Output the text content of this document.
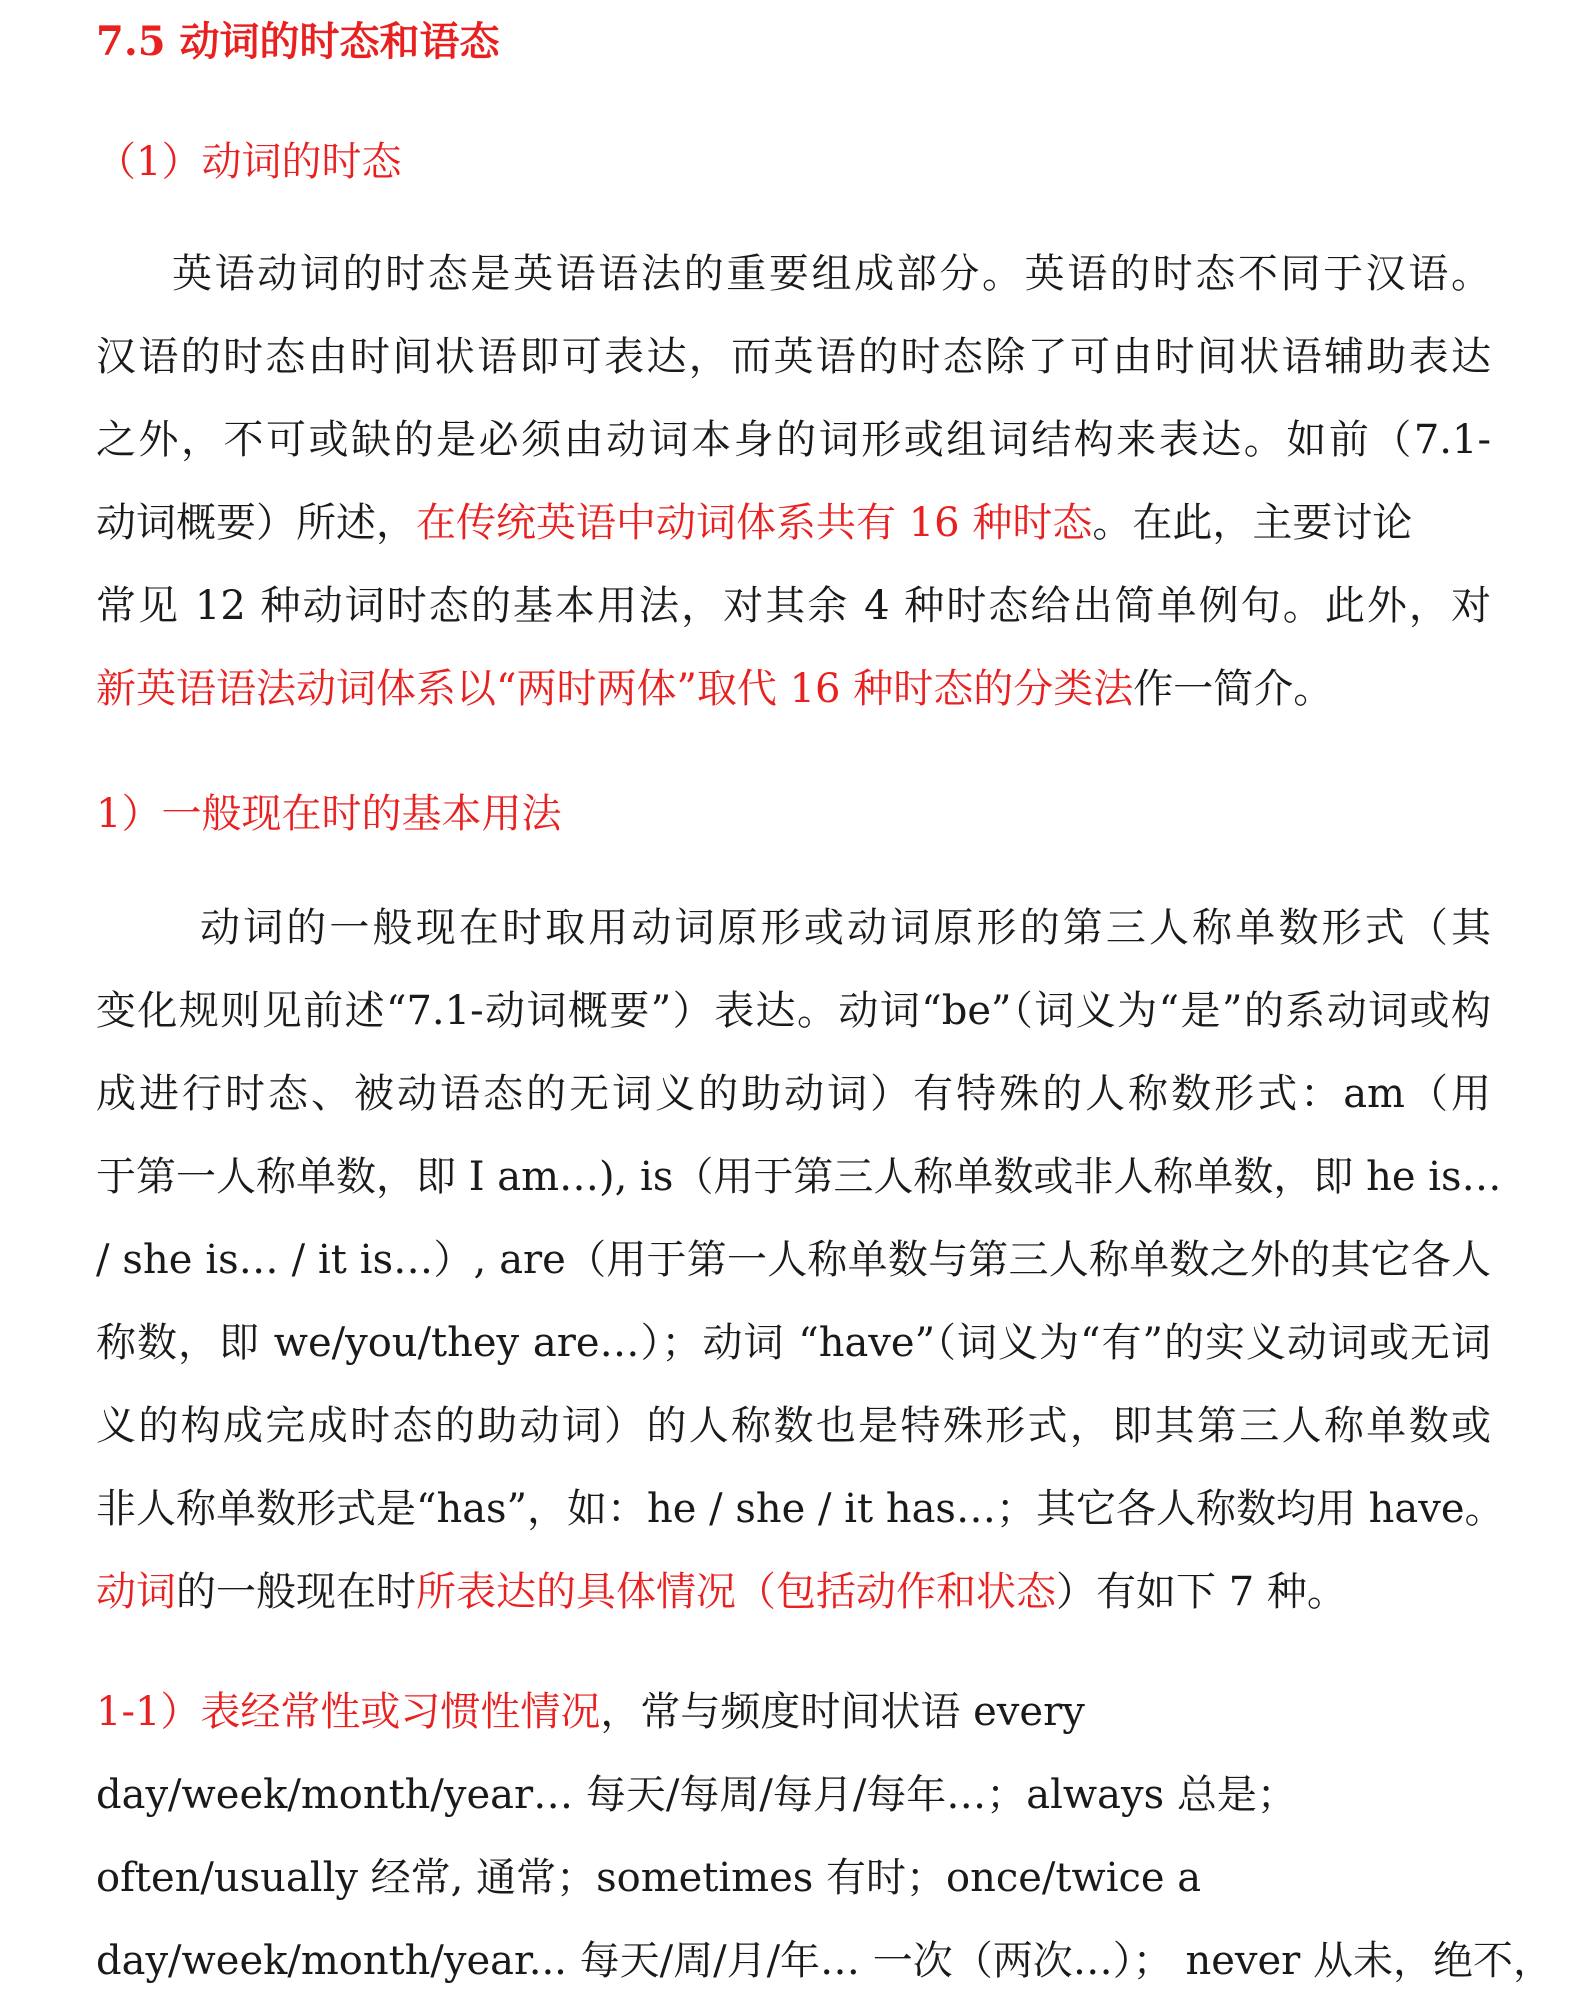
7.5 动词的时态和语态
（1）动词的时态
英语动词的时态是英语语法的重要组成部分。英语的时态不同于汉语。
汉语的时态由时间状语即可表达，而英语的时态除了可由时间状语辅助表达
之外，不可或缺的是必须由动词本身的词形或组词结构来表达。如前（7.1-
动词概要）所述，在传统英语中动词体系共有 16 种时态。在此，主要讨论
常见 12 种动词时态的基本用法，对其余 4 种时态给出简单例句。此外，对
新英语语法动词体系以“两时两体”取代 16 种时态的分类法作一简介。
1）一般现在时的基本用法
动词的一般现在时取用动词原形或动词原形的第三人称单数形式（其
变化规则见前述“7.1-动词概要”）表达。动词“be”（词义为“是”的系动词或构
成进行时态、被动语态的无词义的助动词）有特殊的人称数形式：am（用
于第一人称单数，即 I am…), is（用于第三人称单数或非人称单数，即 he is…
/ she is… / it is…）, are（用于第一人称单数与第三人称单数之外的其它各人
称数，即 we/you/they are…）；动词 “have”（词义为“有”的实义动词或无词
义的构成完成时态的助动词）的人称数也是特殊形式，即其第三人称单数或
非人称单数形式是“has”，如：he / she / it has…；其它各人称数均用 have。
动词的一般现在时所表达的具体情况（包括动作和状态）有如下 7 种。
1-1）表经常性或习惯性情况，常与频度时间状语 every
day/week/month/year… 每天/每周/每月/每年…；always 总是；
often/usually 经常, 通常；sometimes 有时；once/twice a
day/week/month/year... 每天/周/月/年… 一次（两次…）； never 从未，绝不，
